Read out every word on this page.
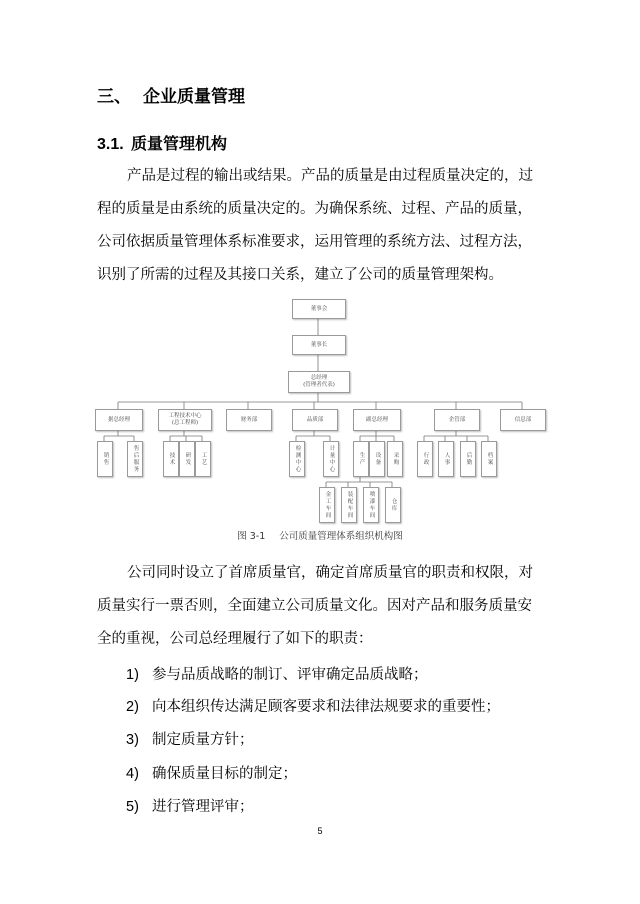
三、 企业质量管理
3.1. 质量管理机构
产品是过程的输出或结果。产品的质量是由过程质量决定的，过
程的质量是由系统的质量决定的。为确保系统、过程、产品的质量，
公司依据质量管理体系标准要求，运用管理的系统方法、过程方法，
识别了所需的过程及其接口关系，建立了公司的质量管理架构。
董事会
董事长
总经理
(管理者代表)
据总经理
工程技术中心
(总工程师)
财务部	品质部	副总经理	企管部	信息部
销售	售后服务	技术	研发	工艺	检测中心	计量中心	生产	设备	采购	行政	人事	后勤	档案
金工车间	装配车间	喷漆车间	仓库
图 3-1 公司质量管理体系组织机构图
公司同时设立了首席质量官，确定首席质量官的职责和权限，对
质量实行一票否则，全面建立公司质量文化。因对产品和服务质量安
全的重视，公司总经理履行了如下的职责：
1) 参与品质战略的制订、评审确定品质战略；
2) 向本组织传达满足顾客要求和法律法规要求的重要性；
3) 制定质量方针；
4) 确保质量目标的制定；
5) 进行管理评审；
5
